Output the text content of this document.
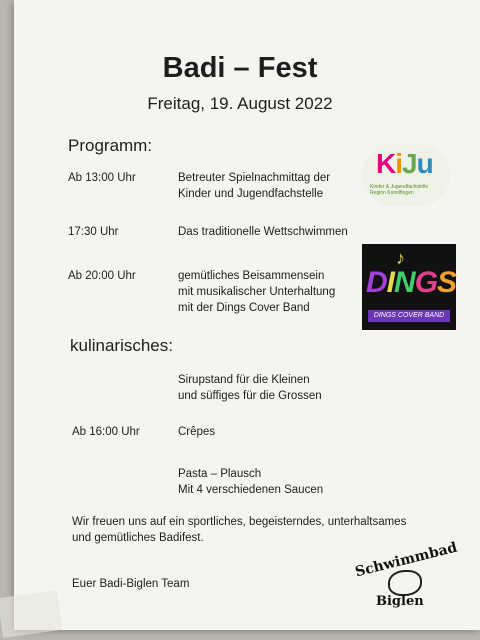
Badi – Fest
Freitag, 19. August 2022
Programm:
Ab 13:00 Uhr	Betreuter Spielnachmittag der
Kinder und Jugendfachstelle
17:30 Uhr	Das traditionelle Wettschwimmen
Ab 20:00 Uhr	gemütliches Beisammensein
mit musikalischer Unterhaltung
mit der Dings Cover Band
kulinarisches:
Sirupstand für die Kleinen
und süffiges für die Grossen
Ab 16:00 Uhr	Crêpes
Pasta – Plausch
Mit 4 verschiedenen Saucen
Wir freuen uns auf ein sportliches, begeisterndes, unterhaltsames
und gemütliches Badifest.
Euer Badi-Biglen Team
KiJu
Kinder & Jugendfachstelle
Region Konolfingen
♪
DINGS
DINGS COVER BAND
Schwimmbad
Biglen
